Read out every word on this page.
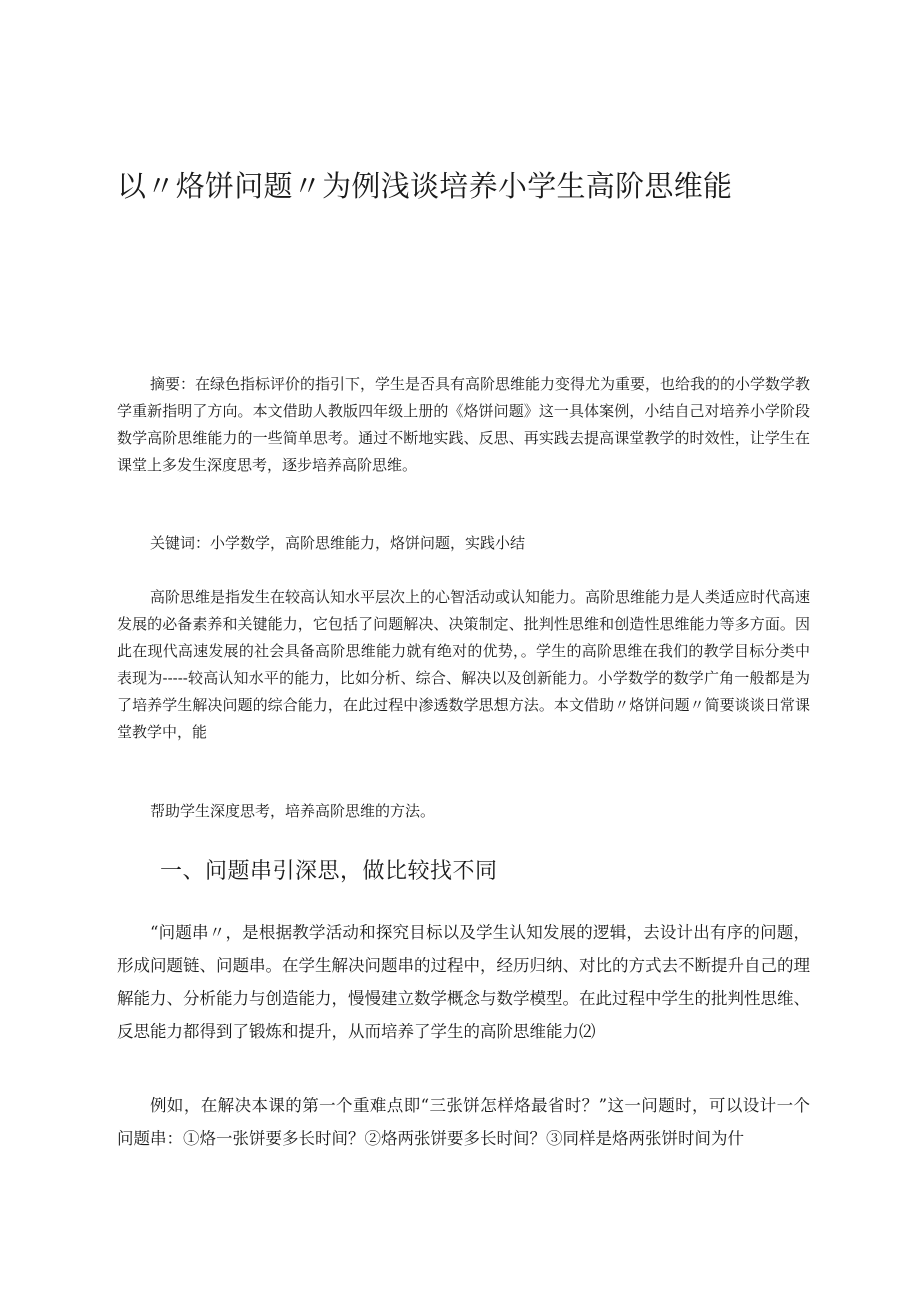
以〃烙饼问题〃为例浅谈培养小学生高阶思维能

摘要：在绿色指标评价的指引下，学生是否具有高阶思维能力变得尤为重要，也给我的的小学数学教学重新指明了方向。本文借助人教版四年级上册的《烙饼问题》这一具体案例，小结自己对培养小学阶段数学高阶思维能力的一些简单思考。通过不断地实践、反思、再实践去提高课堂教学的时效性，让学生在课堂上多发生深度思考，逐步培养高阶思维。

关键词：小学数学，高阶思维能力，烙饼问题，实践小结

高阶思维是指发生在较高认知水平层次上的心智活动或认知能力。高阶思维能力是人类适应时代高速发展的必备素养和关键能力，它包括了问题解决、决策制定、批判性思维和创造性思维能力等多方面。因此在现代高速发展的社会具备高阶思维能力就有绝对的优势，。学生的高阶思维在我们的教学目标分类中表现为-----较高认知水平的能力，比如分析、综合、解决以及创新能力。小学数学的数学广角一般都是为了培养学生解决问题的综合能力，在此过程中渗透数学思想方法。本文借助〃烙饼问题〃简要谈谈日常课堂教学中，能

帮助学生深度思考，培养高阶思维的方法。

一、问题串引深思，做比较找不同

“问题串〃，是根据教学活动和探究目标以及学生认知发展的逻辑，去设计出有序的问题，形成问题链、问题串。在学生解决问题串的过程中，经历归纳、对比的方式去不断提升自己的理解能力、分析能力与创造能力，慢慢建立数学概念与数学模型。在此过程中学生的批判性思维、反思能力都得到了锻炼和提升，从而培养了学生的高阶思维能力⑵

例如，在解决本课的第一个重难点即“三张饼怎样烙最省时？”这一问题时，可以设计一个问题串：①烙一张饼要多长时间？②烙两张饼要多长时间？③同样是烙两张饼时间为什
